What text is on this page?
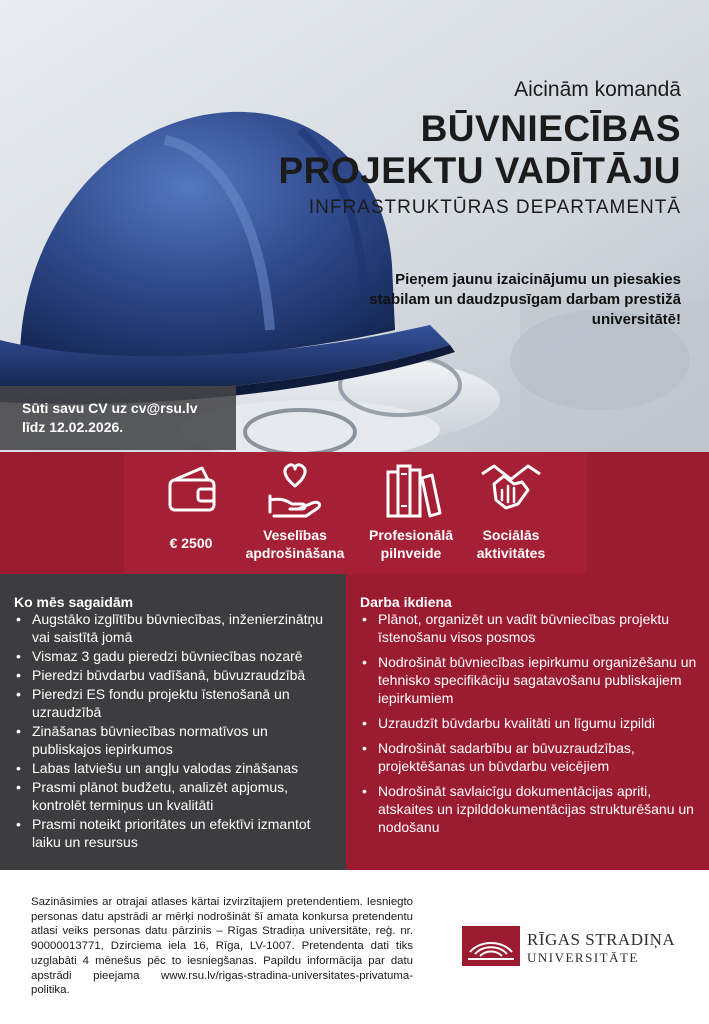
Aicinām komandā
BŪVNIECĪBAS
PROJEKTU VADĪTĀJU
INFRASTRUKTŪRAS DEPARTAMENTĀ
Pieņem jaunu izaicinājumu un piesakies stabilam un daudzpusīgam darbam prestižā universitātē!
Sūti savu CV uz cv@rsu.lv
līdz 12.02.2026.
€ 2500	Veselības apdrošināšana
Profesionālā pilnveide
Sociālās aktivitātes
Ko mēs sagaidām
• Augstāko izglītību būvniecības, inženierzinātņu vai saistītā jomā
• Vismaz 3 gadu pieredzi būvniecības nozarē
• Pieredzi būvdarbu vadīšanā, būvuzraudzībā
• Pieredzi ES fondu projektu īstenošanā un uzraudzībā
• Zināšanas būvniecības normatīvos un publiskajos iepirkumos
• Labas latviešu un angļu valodas zināšanas
• Prasmi plānot budžetu, analizēt apjomus, kontrolēt termiņus un kvalitāti
• Prasmi noteikt prioritātes un efektīvi izmantot laiku un resursus
Darba ikdiena
• Plānot, organizēt un vadīt būvniecības projektu īstenošanu visos posmos
• Nodrošināt būvniecības iepirkumu organizēšanu un tehnisko specifikāciju sagatavošanu publiskajiem iepirkumiem
• Uzraudzīt būvdarbu kvalitāti un līgumu izpildi
• Nodrošināt sadarbību ar būvuzraudzības, projektēšanas un būvdarbu veicējiem
• Nodrošināt savlaicīgu dokumentācijas apriti, atskaites un izpilddokumentācijas strukturēšanu un nodošanu
Sazināsimies ar otrajai atlases kārtai izvirzītajiem pretendentiem. Iesniegto personas datu apstrādi ar mērķi nodrošināt šī amata konkursa pretendentu atlasi veiks personas datu pārzinis – Rīgas Stradiņa universitāte, reģ. nr. 90000013771, Dzirciema iela 16, Rīga, LV-1007. Pretendenta dati tiks uzglabāti 4 mēnešus pēc to iesniegšanas. Papildu informācija par datu apstrādi pieejama www.rsu.lv/rigas-stradina-universitates-privatuma-politika.
RĪGAS STRADIŅA
UNIVERSITĀTE
